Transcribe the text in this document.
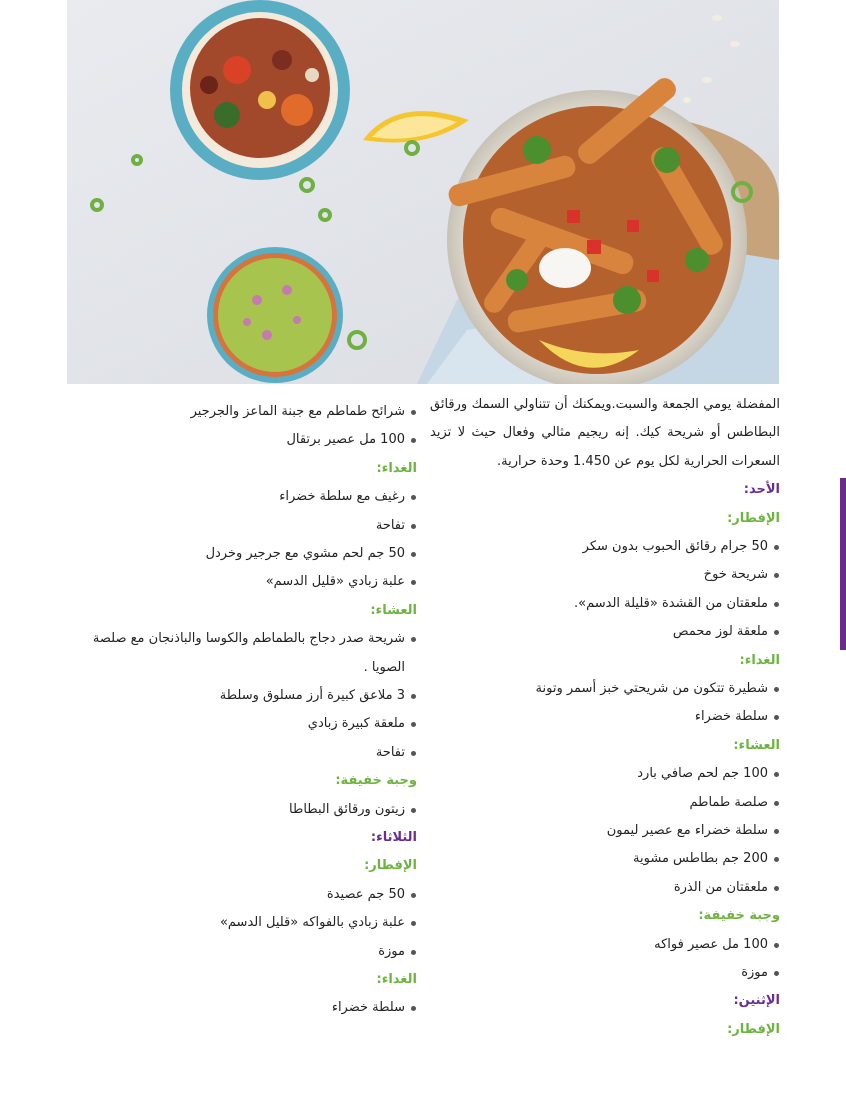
المفضلة يومي الجمعة والسبت.ويمكنك أن تتناولي السمك ورقائق البطاطس أو شريحة كيك. إنه ريجيم مثالي وفعال حيث لا تزيد السعرات الحرارية لكل يوم عن 1.450 وحدة حرارية.

الأحد:
الإفطار:
50 جرام رقائق الحبوب بدون سكر
شريحة خوخ
ملعقتان من القشدة «قليلة الدسم».
ملعقة لوز محمص
الغداء:
شطيرة تتكون من شريحتي خبز أسمر وتونة
سلطة خضراء
العشاء:
100 جم لحم صافي بارد
صلصة طماطم
سلطة خضراء مع عصير ليمون
200 جم بطاطس مشوية
ملعقتان من الذرة
وجبة خفيفة:
100 مل عصير فواكه
موزة
الإثنين:
الإفطار:
شرائح طماطم مع جبنة الماعز والجرجير
100 مل عصير برتقال
الغداء:
رغيف مع سلطة خضراء
تفاحة
50 جم لحم مشوي مع جرجير وخردل
علبة زبادي «قليل الدسم»
العشاء:
شريحة صدر دجاج بالطماطم والكوسا والباذنجان مع صلصة الصويا .
3 ملاعق كبيرة أرز مسلوق وسلطة
ملعقة كبيرة زبادي
تفاحة
وجبة خفيفة:
زيتون ورقائق البطاطا
الثلاثاء:
الإفطار:
50 جم عصيدة
علبة زبادي بالفواكه «قليل الدسم»
موزة
الغداء:
سلطة خضراء
